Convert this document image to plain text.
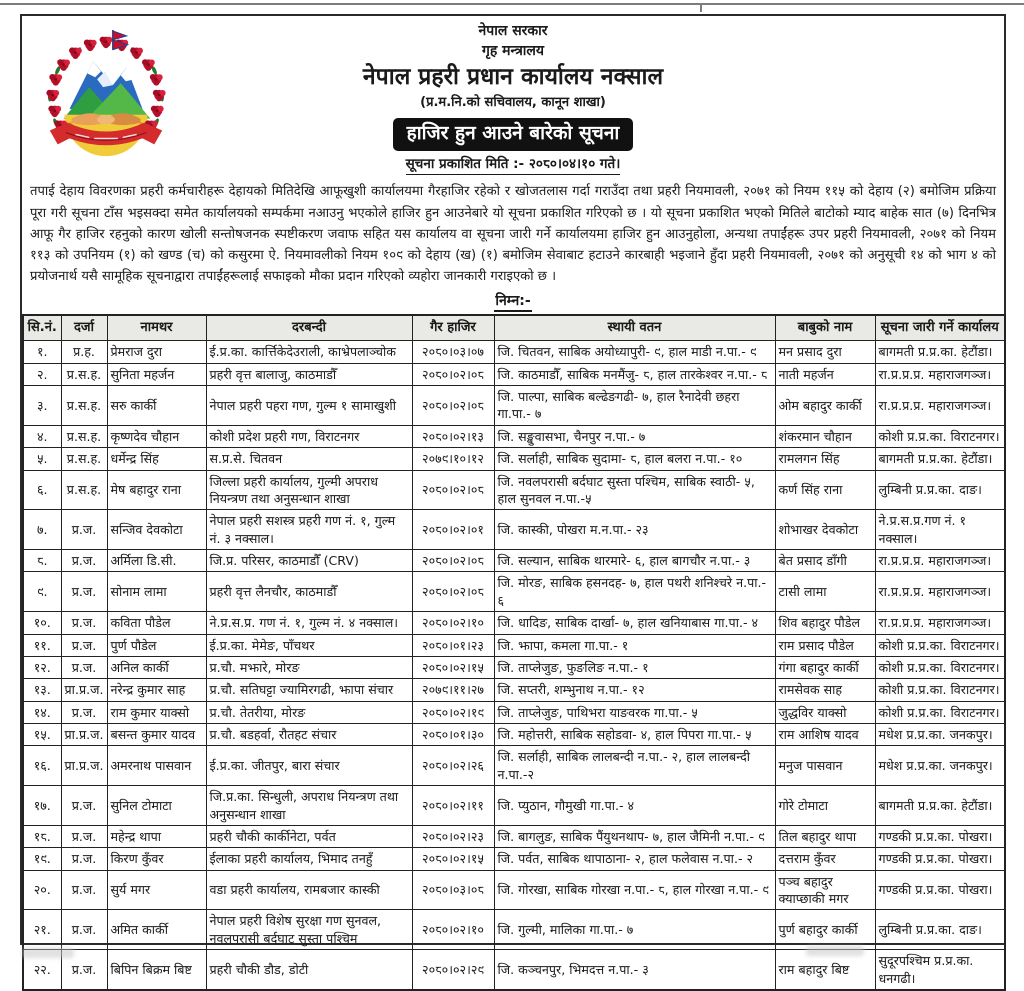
नेपाल सरकार
गृह मन्त्रालय
नेपाल प्रहरी प्रधान कार्यालय नक्साल
(प्र.म.नि.को सचिवालय, कानून शाखा)
हाजिर हुन आउने बारेको सूचना
सूचना प्रकाशित मिति :- २०८०।०४।१० गते।
तपाई देहाय विवरणका प्रहरी कर्मचारीहरू देहायको मितिदेखि आफूखुशी कार्यालयमा गैरहाजिर रहेको र खोजतलास गर्दा गराउँदा तथा प्रहरी नियमावली, २०७१ को नियम ११५ को देहाय (२) बमोजिम प्रक्रिया पूरा गरी सूचना टाँस भइसक्दा समेत कार्यालयको सम्पर्कमा नआउनु भएकोले हाजिर हुन आउनेबारे यो सूचना प्रकाशित गरिएको छ । यो सूचना प्रकाशित भएको मितिले बाटोको म्याद बाहेक सात (७) दिनभित्र आफू गैर हाजिर रहनुको कारण खोली सन्तोषजनक स्पष्टीकरण जवाफ सहित यस कार्यालय वा सूचना जारी गर्ने कार्यालयमा हाजिर हुन आउनुहोला, अन्यथा तपाईंहरू उपर प्रहरी नियमावली, २०७१ को नियम ११३ को उपनियम (१) को खण्ड (च) को कसुरमा ऐ. नियमावलीको नियम १०९ को देहाय (ख) (१) बमोजिम सेवाबाट हटाउने कारबाही भइजाने हुँदा प्रहरी नियमावली, २०७१ को अनुसूची १४ को भाग ४ को प्रयोजनार्थ यसै सामूहिक सूचनाद्वारा तपाईंहरूलाई सफाइको मौका प्रदान गरिएको व्यहोरा जानकारी गराइएको छ ।
निम्न:-
सि.नं.	दर्जा	नामथर	दरबन्दी	गैर हाजिर	स्थायी वतन	बाबुको नाम	सूचना जारी गर्ने कार्यालय
१.	प्र.ह.	प्रेमराज दुरा	ई.प्र.का. कार्त्तिकेदेउराली, काभ्रेपलाञ्चोक	२०८०।०३।०७	जि. चितवन, साबिक अयोध्यापुरी- ९, हाल माडी न.पा.- ९	मन प्रसाद दुरा	बागमती प्र.प्र.का. हेटौंडा।
२.	प्र.स.ह.	सुनिता महर्जन	प्रहरी वृत्त बालाजु, काठमाडौँ	२०८०।०२।०८	जि. काठमाडौँ, साबिक मनमैंजु- ८, हाल तारकेश्वर न.पा.- ८	नाती महर्जन	रा.प्र.प्र.प्र. महाराजगञ्ज।
३.	प्र.स.ह.	सरु कार्की	नेपाल प्रहरी पहरा गण, गुल्म १ सामाखुशी	२०८०।०२।०८	जि. पाल्पा, साबिक बल्ढेङगढी- ७, हाल रैनादेवी छहरा गा.पा.- ७	ओम बहादुर कार्की	रा.प्र.प्र.प्र. महाराजगञ्ज।
४.	प्र.स.ह.	कृष्णदेव चौहान	कोशी प्रदेश प्रहरी गण, विराटनगर	२०८०।०२।१३	जि. सङ्खुवासभा, चैनपुर न.पा.- ७	शंकरमान चौहान	कोशी प्र.प्र.का. विराटनगर।
५.	प्र.स.ह.	धर्मेन्द्र सिंह	स.प्र.से. चितवन	२०७९।१०।१२	जि. सर्लाही, साबिक सुदामा- ८, हाल बलरा न.पा.- १०	रामलगन सिंह	बागमती प्र.प्र.का. हेटौंडा।
६.	प्र.स.ह.	मेष बहादुर राना	जिल्ला प्रहरी कार्यालय, गुल्मी अपराध नियन्त्रण तथा अनुसन्धान शाखा	२०८०।०२।०८	जि. नवलपरासी बर्दघाट सुस्ता पश्चिम, साबिक स्वाठी- ५, हाल सुनवल न.पा.-५	कर्ण सिंह राना	लुम्बिनी प्र.प्र.का. दाङ।
७.	प्र.ज.	सन्जिव देवकोटा	नेपाल प्रहरी सशस्त्र प्रहरी गण नं. १, गुल्म नं. ३ नक्साल।	२०८०।०२।०१	जि. कास्की, पोखरा म.न.पा.- २३	शोभाखर देवकोटा	ने.प्र.स.प्र.गण नं. १ नक्साल।
८.	प्र.ज.	अर्मिला डि.सी.	जि.प्र. परिसर, काठमाडौँ (CRV)	२०८०।०२।०८	जि. सल्यान, साबिक थारमारे- ६, हाल बागचौर न.पा.- ३	बेत प्रसाद डाँगी	रा.प्र.प्र.प्र. महाराजगञ्ज।
९.	प्र.ज.	सोनाम लामा	प्रहरी वृत्त लैनचौर, काठमाडौँ	२०८०।०२।०८	जि. मोरङ, साबिक हसनदह- ७, हाल पथरी शनिश्चरे न.पा.- ६	टासी लामा	रा.प्र.प्र.प्र. महाराजगञ्ज।
१०.	प्र.ज.	कविता पौडेल	ने.प्र.स.प्र. गण नं. १, गुल्म नं. ४ नक्साल।	२०८०।०२।१०	जि. धादिङ, साबिक दार्खा- ७, हाल खनियाबास गा.पा.- ४	शिव बहादुर पौडेल	रा.प्र.प्र.प्र. महाराजगञ्ज।
११.	प्र.ज.	पुर्ण पौडेल	ई.प्र.का. मेमेङ, पाँचथर	२०८०।०१।२३	जि. झापा, कमला गा.पा.- १	राम प्रसाद पौडेल	कोशी प्र.प्र.का. विराटनगर।
१२.	प्र.ज.	अनिल कार्की	प्र.चौ. मझारे, मोरङ	२०८०।०२।१५	जि. ताप्लेजुङ, फुङलिङ न.पा.- १	गंगा बहादुर कार्की	कोशी प्र.प्र.का. विराटनगर।
१३.	प्रा.प्र.ज.	नरेन्द्र कुमार साह	प्र.चौ. सतिघट्टा ज्यामिरगढी, झापा संचार	२०७९।११।२७	जि. सप्तरी, शम्भुनाथ न.पा.- १२	रामसेवक साह	कोशी प्र.प्र.का. विराटनगर।
१४.	प्र.ज.	राम कुमार याक्सो	प्र.चौ. तेतरीया, मोरङ	२०८०।०२।१९	जि. ताप्लेजुङ, पाथिभरा याङवरक गा.पा.- ५	जुद्धविर याक्सो	कोशी प्र.प्र.का. विराटनगर।
१५.	प्रा.प्र.ज.	बसन्त कुमार यादव	प्र.चौ. बडहर्वा, रौतहट संचार	२०८०।०१।३०	जि. महोत्तरी, साबिक सहोडवा- ४, हाल पिपरा गा.पा.- ५	राम आशिष यादव	मधेश प्र.प्र.का. जनकपुर।
१६.	प्रा.प्र.ज.	अमरनाथ पासवान	ई.प्र.का. जीतपुर, बारा संचार	२०८०।०२।२६	जि. सर्लाही, साबिक लालबन्दी न.पा.- २, हाल लालबन्दी न.पा.-२	मनुज पासवान	मधेश प्र.प्र.का. जनकपुर।
१७.	प्र.ज.	सुनिल टोमाटा	जि.प्र.का. सिन्धुली, अपराध नियन्त्रण तथा अनुसन्धान शाखा	२०८०।०२।११	जि. प्युठान, गौमुखी गा.पा.- ४	गोरे टोमाटा	बागमती प्र.प्र.का. हेटौंडा।
१८.	प्र.ज.	महेन्द्र थापा	प्रहरी चौकी कार्कीनेटा, पर्वत	२०८०।०२।२३	जि. बागलुङ, साबिक पैंयुथनथाप- ७, हाल जैमिनी न.पा.- ९	तिल बहादुर थापा	गण्डकी प्र.प्र.का. पोखरा।
१९.	प्र.ज.	किरण कुँवर	ईलाका प्रहरी कार्यालय, भिमाद तनहुँ	२०८०।०२।१५	जि. पर्वत, साबिक थापाठाना- २, हाल फलेवास न.पा.- २	दत्तराम कुँवर	गण्डकी प्र.प्र.का. पोखरा।
२०.	प्र.ज.	सुर्य मगर	वडा प्रहरी कार्यालय, रामबजार कास्की	२०८०।०३।०८	जि. गोरखा, साबिक गोरखा न.पा.- ८, हाल गोरखा न.पा.- ९	पञ्च बहादुर क्याप्छाकी मगर	गण्डकी प्र.प्र.का. पोखरा।
२१.	प्र.ज.	अमित कार्की	नेपाल प्रहरी विशेष सुरक्षा गण सुनवल, नवलपरासी बर्दघाट सुस्ता पश्चिम	२०८०।०२।१०	जि. गुल्मी, मालिका गा.पा.- ७	पुर्ण बहादुर कार्की	लुम्बिनी प्र.प्र.का. दाङ।
२२.	प्र.ज.	बिपिन बिक्रम बिष्ट	प्रहरी चौकी डौड, डोटी	२०८०।०२।२९	जि. कञ्चनपुर, भिमदत्त न.पा.- ३	राम बहादुर बिष्ट	सुदूरपश्चिम प्र.प्र.का. धनगढी।
